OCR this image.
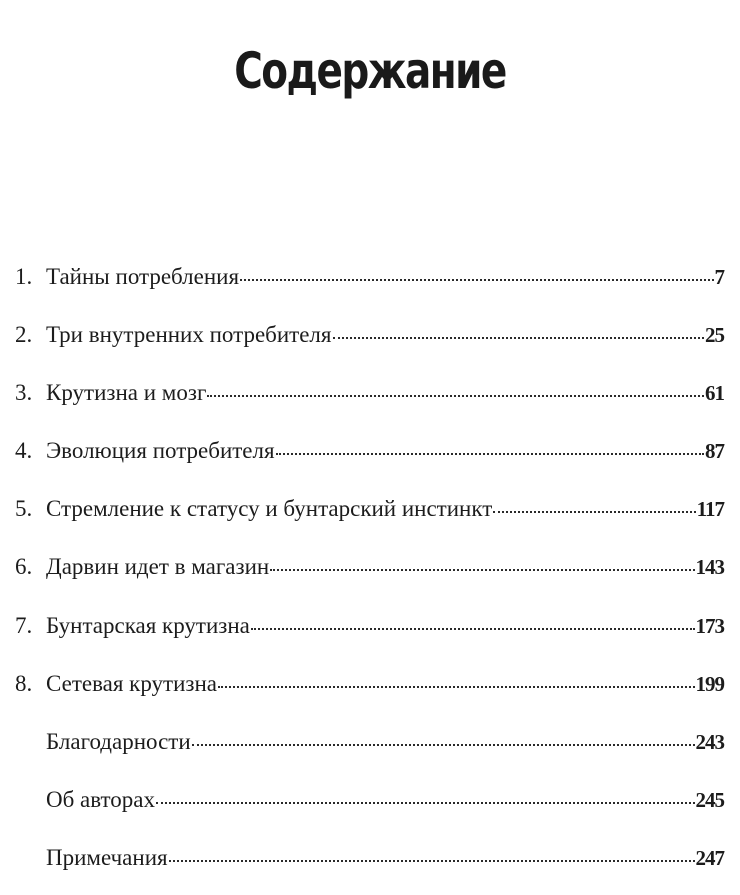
Содержание
1. Тайны потребления	7
2. Три внутренних потребителя	25
3. Крутизна и мозг	61
4. Эволюция потребителя	87
5. Стремление к статусу и бунтарский инстинкт	117
6. Дарвин идет в магазин	143
7. Бунтарская крутизна	173
8. Сетевая крутизна	199
Благодарности	243
Об авторах	245
Примечания	247
